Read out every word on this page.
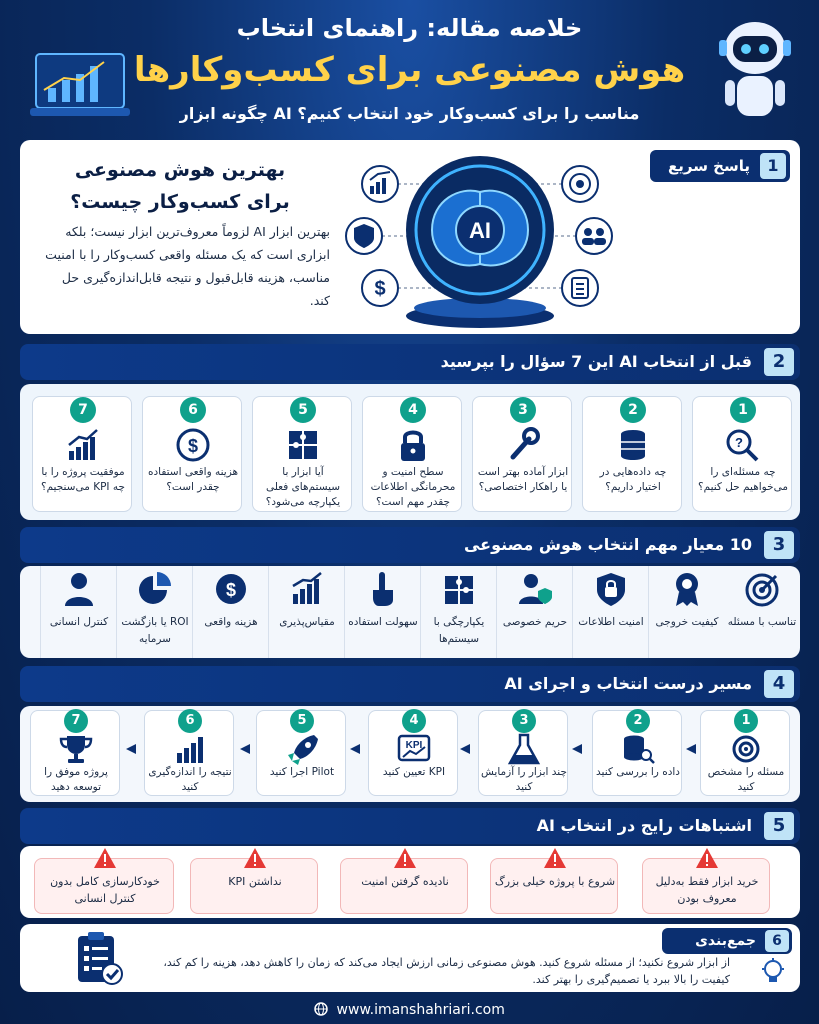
خلاصه مقاله: راهنمای انتخاب
هوش مصنوعی برای کسب‌وکارها
چگونه ابزار AI مناسب را برای کسب‌وکار خود انتخاب کنیم؟
1
پاسخ سریع
بهترین هوش مصنوعی برای کسب‌وکار چیست؟
بهترین ابزار AI لزوماً معروف‌ترین ابزار نیست؛ بلکه ابزاری است که یک مسئله واقعی کسب‌وکار را با امنیت مناسب، هزینه قابل‌قبول و نتیجه قابل‌اندازه‌گیری حل کند.
AI
$
2
قبل از انتخاب AI این 7 سؤال را بپرسید
1
?
چه مسئله‌ای را می‌خواهیم حل کنیم؟
2
چه داده‌هایی در اختیار داریم؟
3
ابزار آماده بهتر است یا راهکار اختصاصی؟
4
سطح امنیت و محرمانگی اطلاعات چقدر مهم است؟
5
آیا ابزار با سیستم‌های فعلی یکپارچه می‌شود؟
6
$
هزینه واقعی استفاده چقدر است؟
7
موفقیت پروژه را با چه KPI می‌سنجیم؟
3
10 معیار مهم انتخاب هوش مصنوعی
تناسب با مسئله
کیفیت خروجی
امنیت اطلاعات
حریم خصوصی
یکپارچگی با سیستم‌ها
سهولت استفاده
مقیاس‌پذیری
$
هزینه واقعی
ROI یا بازگشت سرمایه
کنترل انسانی
4
مسیر درست انتخاب و اجرای AI
1
مسئله را مشخص کنید
2
داده را بررسی کنید
3
چند ابزار را آزمایش کنید
4
KPI
KPI تعیین کنید
5
Pilot اجرا کنید
6
نتیجه را اندازه‌گیری کنید
7
پروژه موفق را توسعه دهید
5
اشتباهات رایج در انتخاب AI
خرید ابزار فقط به‌دلیل معروف بودن
شروع با پروژه خیلی بزرگ
نادیده گرفتن امنیت
نداشتن KPI
خودکارسازی کامل بدون کنترل انسانی
6
جمع‌بندی
از ابزار شروع نکنید؛ از مسئله شروع کنید. هوش مصنوعی زمانی ارزش ایجاد می‌کند که زمان را کاهش دهد، هزینه را کم کند، کیفیت را بالا ببرد یا تصمیم‌گیری را بهتر کند.
www.imanshahriari.com
